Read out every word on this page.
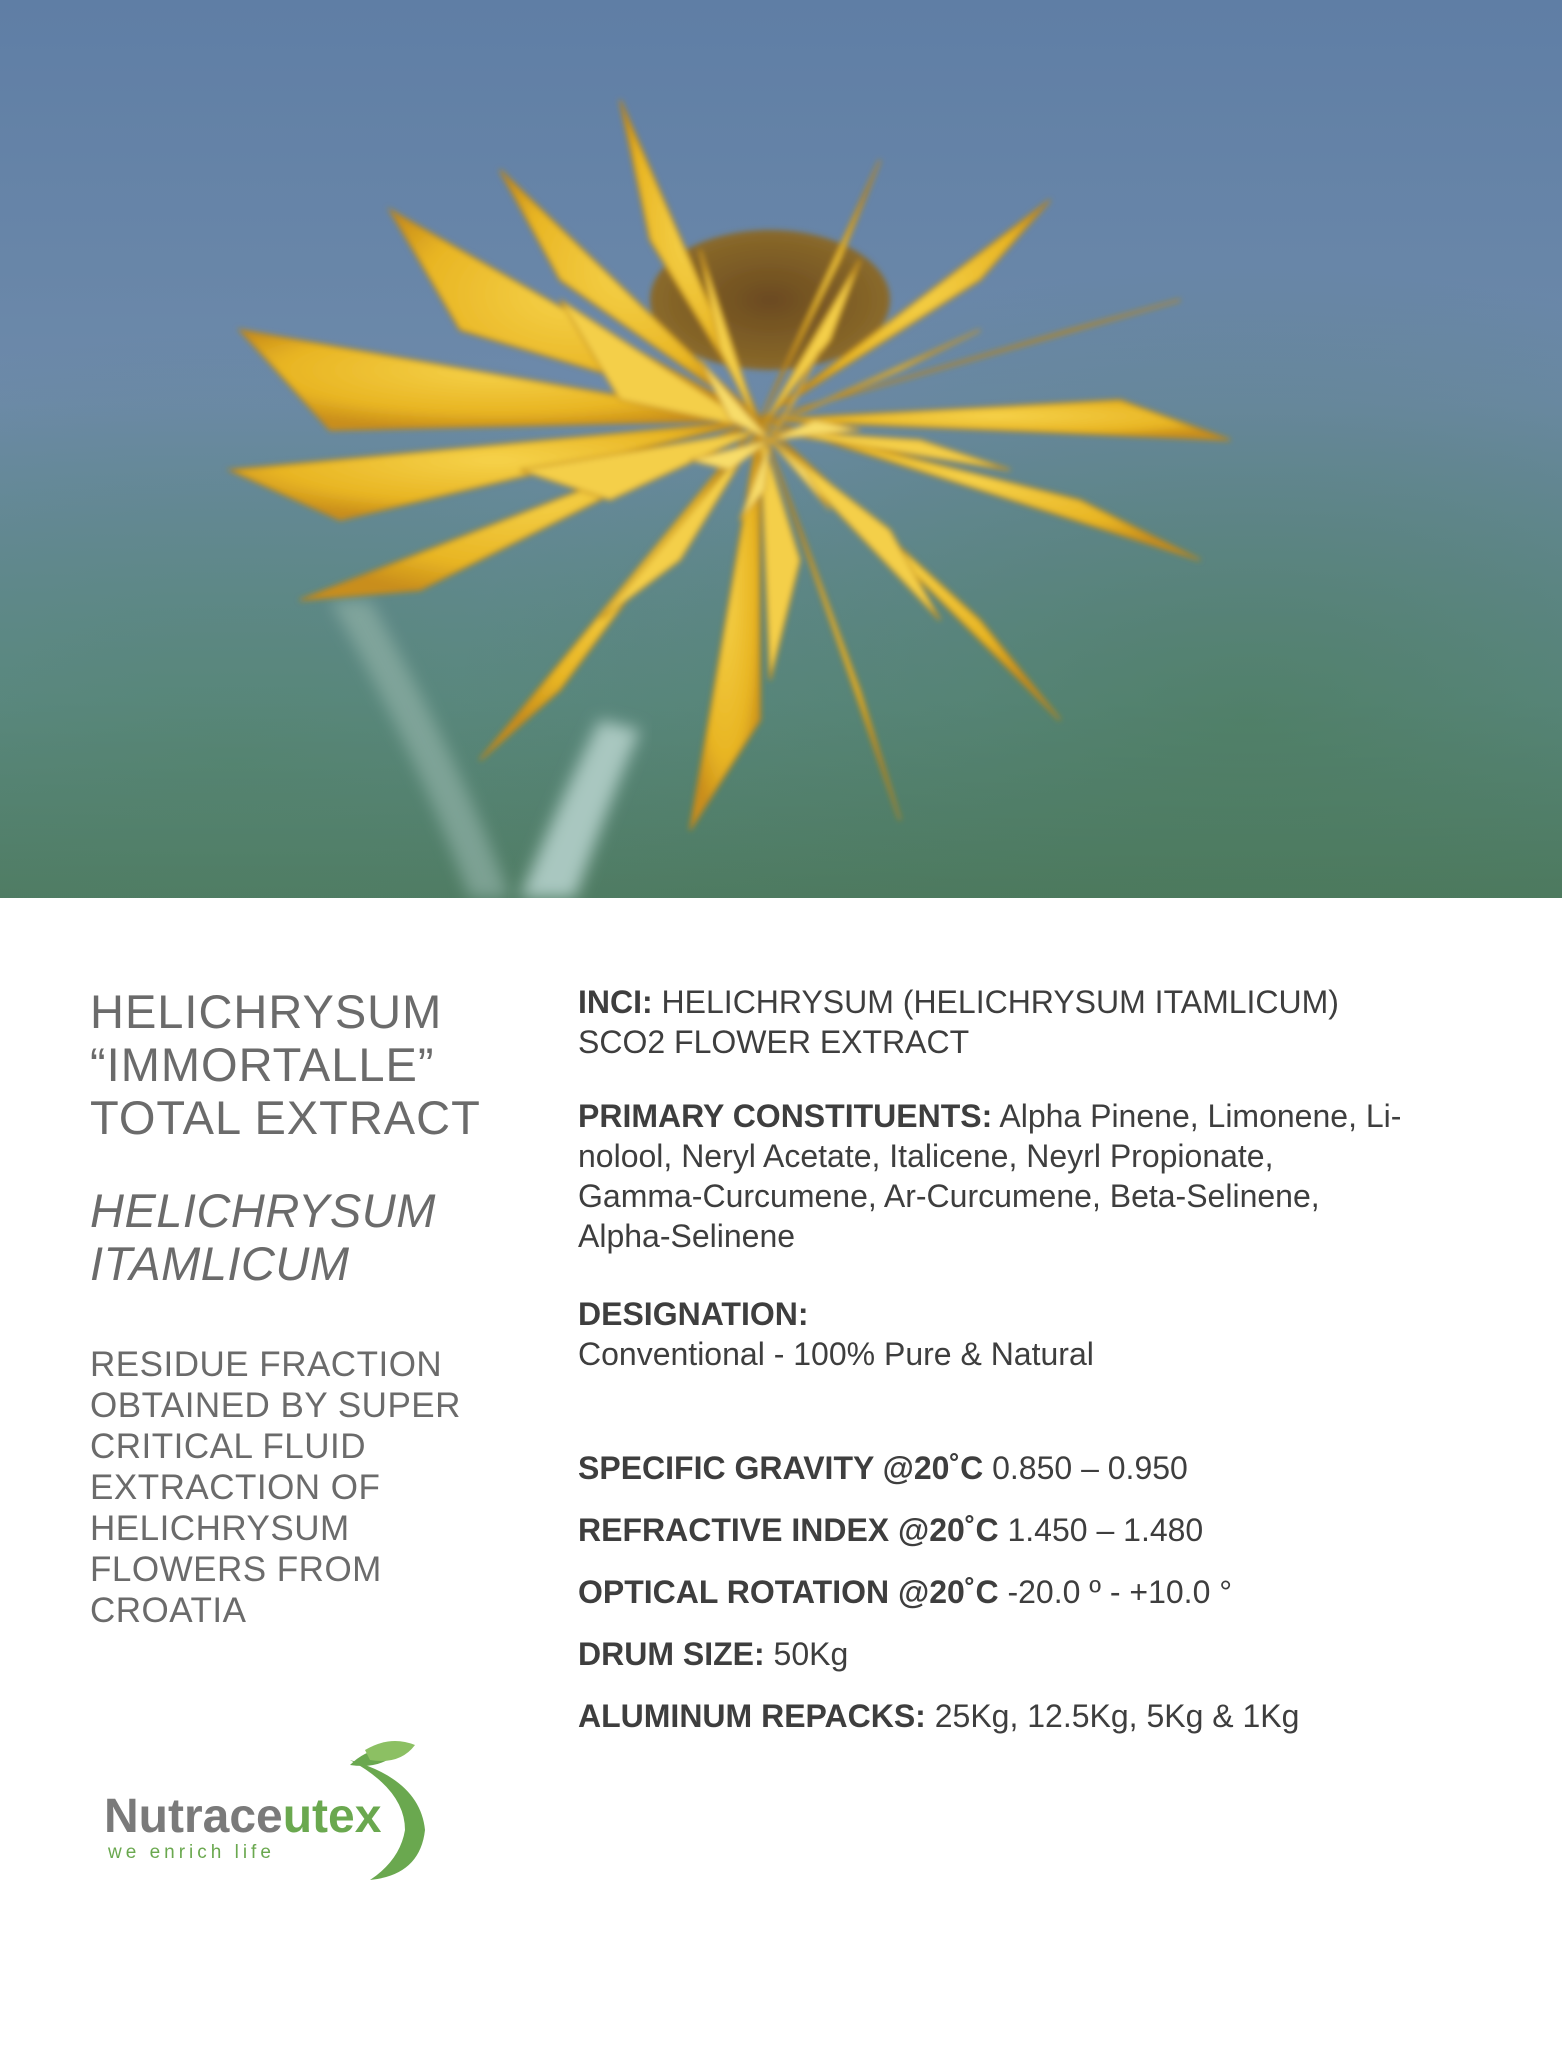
HELICHRYSUM
“IMMORTALLE”
TOTAL EXTRACT
HELICHRYSUM
ITAMLICUM

RESIDUE FRACTION
OBTAINED BY SUPER
CRITICAL FLUID
EXTRACTION OF
HELICHRYSUM
FLOWERS FROM
CROATIA

INCI: HELICHRYSUM (HELICHRYSUM ITAMLICUM)
SCO2 FLOWER EXTRACT

PRIMARY CONSTITUENTS: Alpha Pinene, Limonene, Li-
nolool, Neryl Acetate, Italicene, Neyrl Propionate,
Gamma-Curcumene, Ar-Curcumene, Beta-Selinene,
Alpha-Selinene

DESIGNATION:
Conventional - 100% Pure & Natural

SPECIFIC GRAVITY @20˚C 0.850 – 0.950

REFRACTIVE INDEX @20˚C 1.450 – 1.480

OPTICAL ROTATION @20˚C -20.0 º - +10.0 °

DRUM SIZE: 50Kg

ALUMINUM REPACKS: 25Kg, 12.5Kg, 5Kg & 1Kg

Nutraceutex
we enrich life
